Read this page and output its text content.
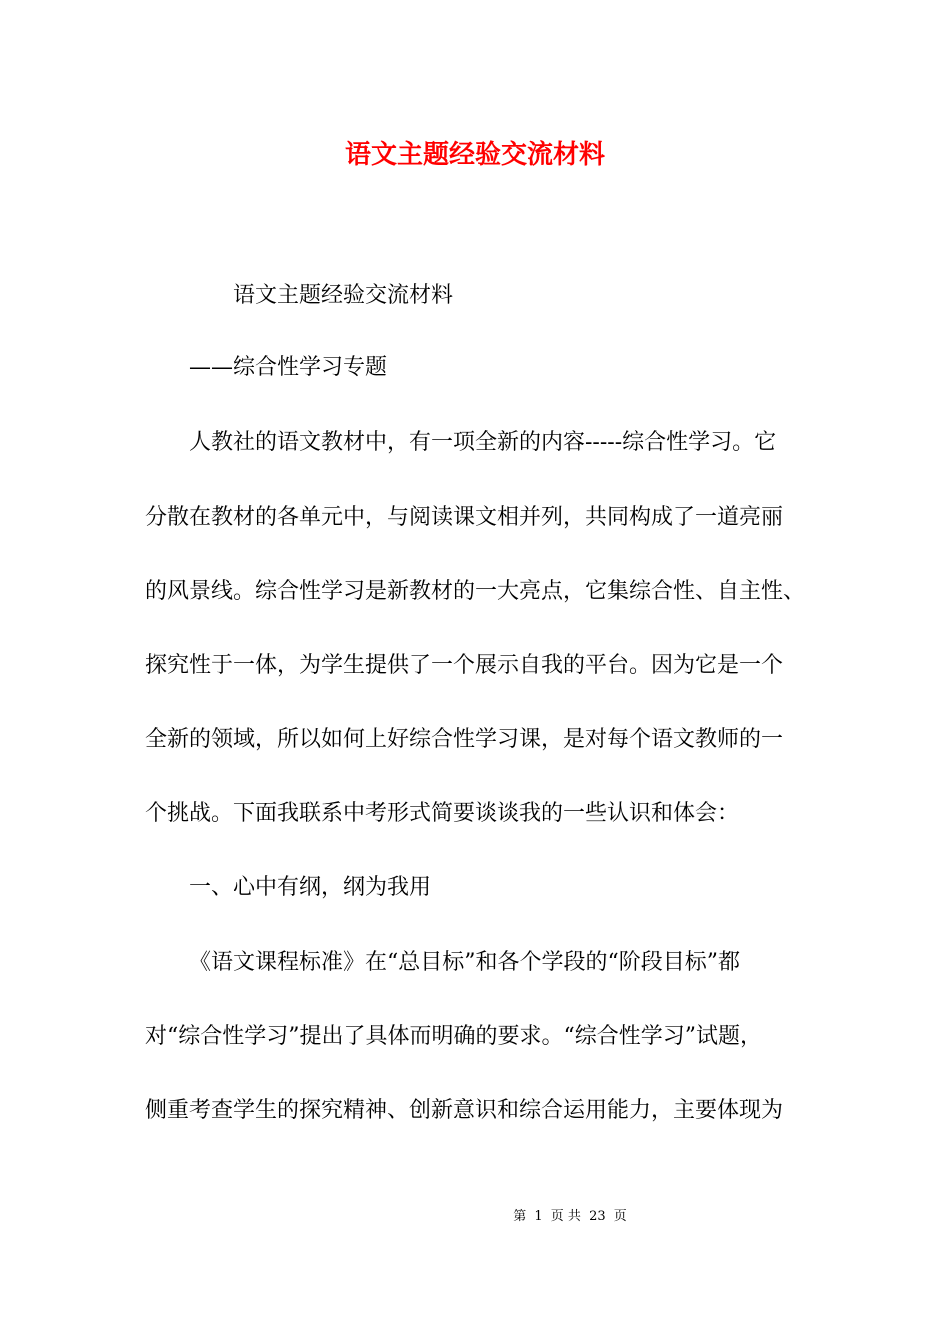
语文主题经验交流材料
语文主题经验交流材料
——综合性学习专题
人教社的语文教材中，有一项全新的内容-----综合性学习。它
分散在教材的各单元中，与阅读课文相并列，共同构成了一道亮丽
的风景线。综合性学习是新教材的一大亮点，它集综合性、自主性、
探究性于一体，为学生提供了一个展示自我的平台。因为它是一个
全新的领域，所以如何上好综合性学习课，是对每个语文教师的一
个挑战。下面我联系中考形式简要谈谈我的一些认识和体会：
一、心中有纲，纲为我用
《语文课程标准》在“总目标”和各个学段的“阶段目标”都
对“综合性学习”提出了具体而明确的要求。“综合性学习”试题，
侧重考查学生的探究精神、创新意识和综合运用能力，主要体现为
第 1 页 共 23 页
